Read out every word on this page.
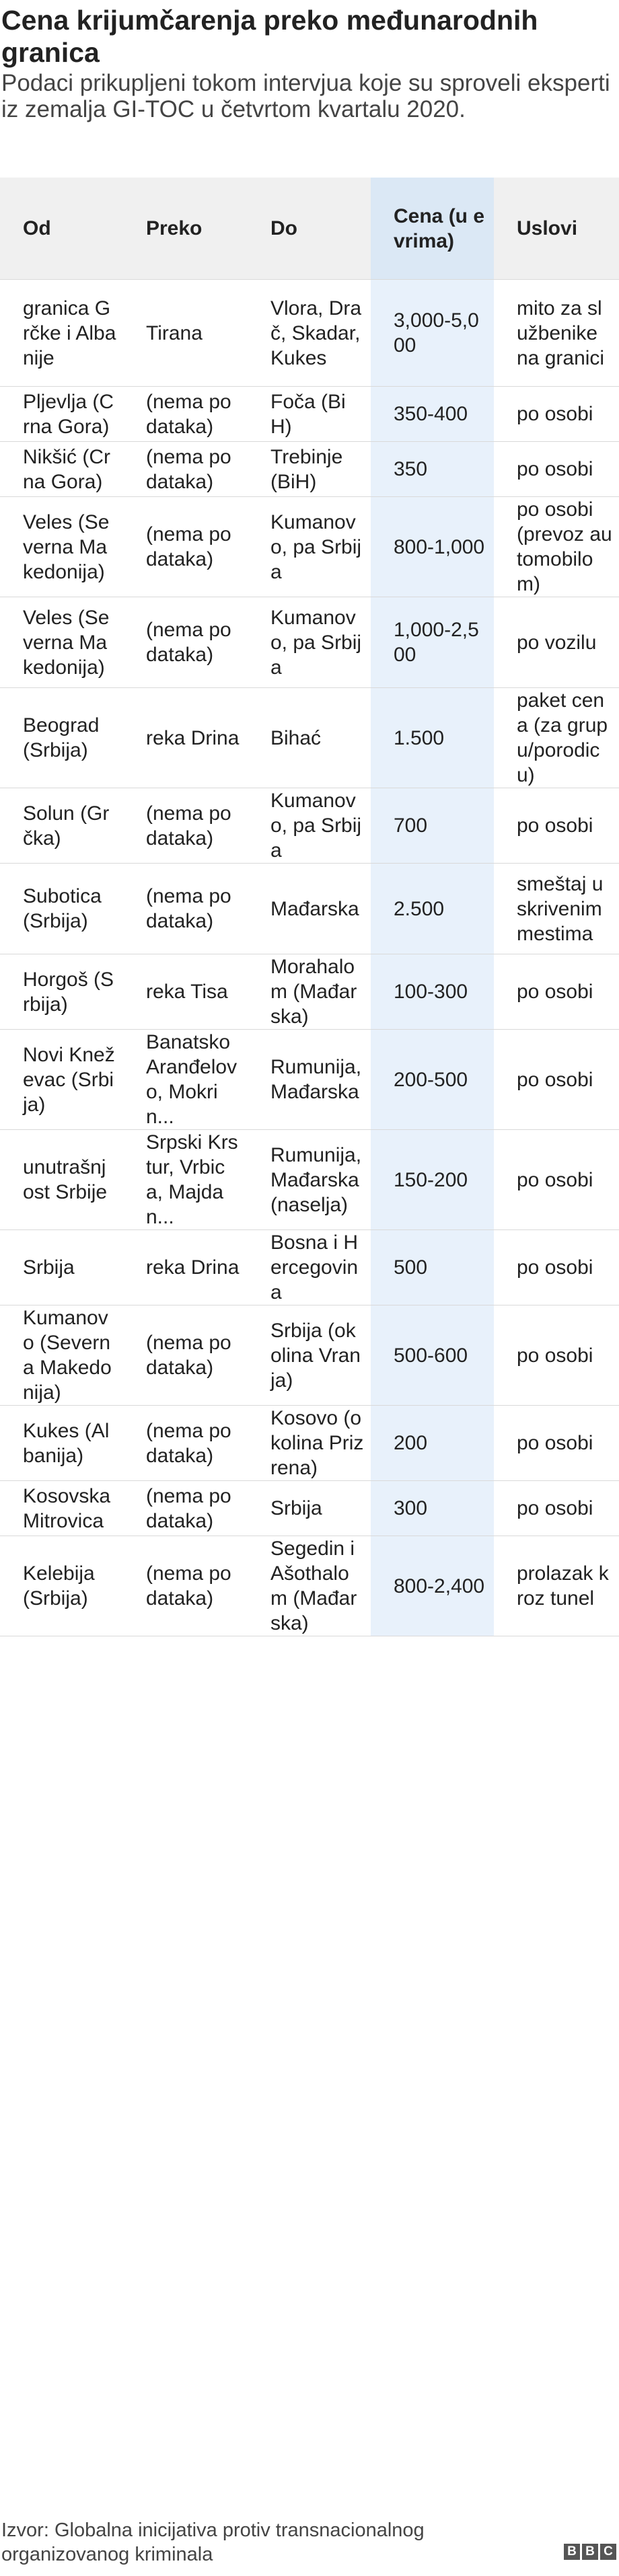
Cena krijumčarenja preko međunarodnih granica
Podaci prikupljeni tokom intervjua koje su sproveli eksperti iz zemalja GI-TOC u četvrtom kvartalu 2020.
Od	Preko	Do	Cena (u evrima)	Uslovi
granica Grčke i Albanije	Tirana	Vlora, Drač, Skadar, Kukes	3,000-5,000	mito za službenike na granici
Pljevlja (Crna Gora)	(nema podataka)	Foča (BiH)	350-400	po osobi
Nikšić (Crna Gora)	(nema podataka)	Trebinje (BiH)	350	po osobi
Veles (Severna Makedonija)	(nema podataka)	Kumanovo, pa Srbija	800-1,000	po osobi (prevoz automobilom)
Veles (Severna Makedonija)	(nema podataka)	Kumanovo, pa Srbija	1,000-2,500	po vozilu
Beograd (Srbija)	reka Drina	Bihać	1.500	paket cena (za grupu/porodicu)
Solun (Grčka)	(nema podataka)	Kumanovo, pa Srbija	700	po osobi
Subotica (Srbija)	(nema podataka)	Mađarska	2.500	smeštaj u skrivenim mestima
Horgoš (Srbija)	reka Tisa	Morahalom (Mađarska)	100-300	po osobi
Novi Kneževac (Srbija)	Banatsko Aranđelovo, Mokrin...	Rumunija, Mađarska	200-500	po osobi
unutrašnjost Srbije	Srpski Krstur, Vrbica, Majdan...	Rumunija, Mađarska (naselja)	150-200	po osobi
Srbija	reka Drina	Bosna i Hercegovina	500	po osobi
Kumanovo (Severna Makedonija)	(nema podataka)	Srbija (okolina Vranja)	500-600	po osobi
Kukes (Albanija)	(nema podataka)	Kosovo (okolina Prizrena)	200	po osobi
Kosovska Mitrovica	(nema podataka)	Srbija	300	po osobi
Kelebija (Srbija)	(nema podataka)	Segedin i Ašothalom (Mađarska)	800-2,400	prolazak kroz tunel
Izvor: Globalna inicijativa protiv transnacionalnog organizovanog kriminala	B B C
